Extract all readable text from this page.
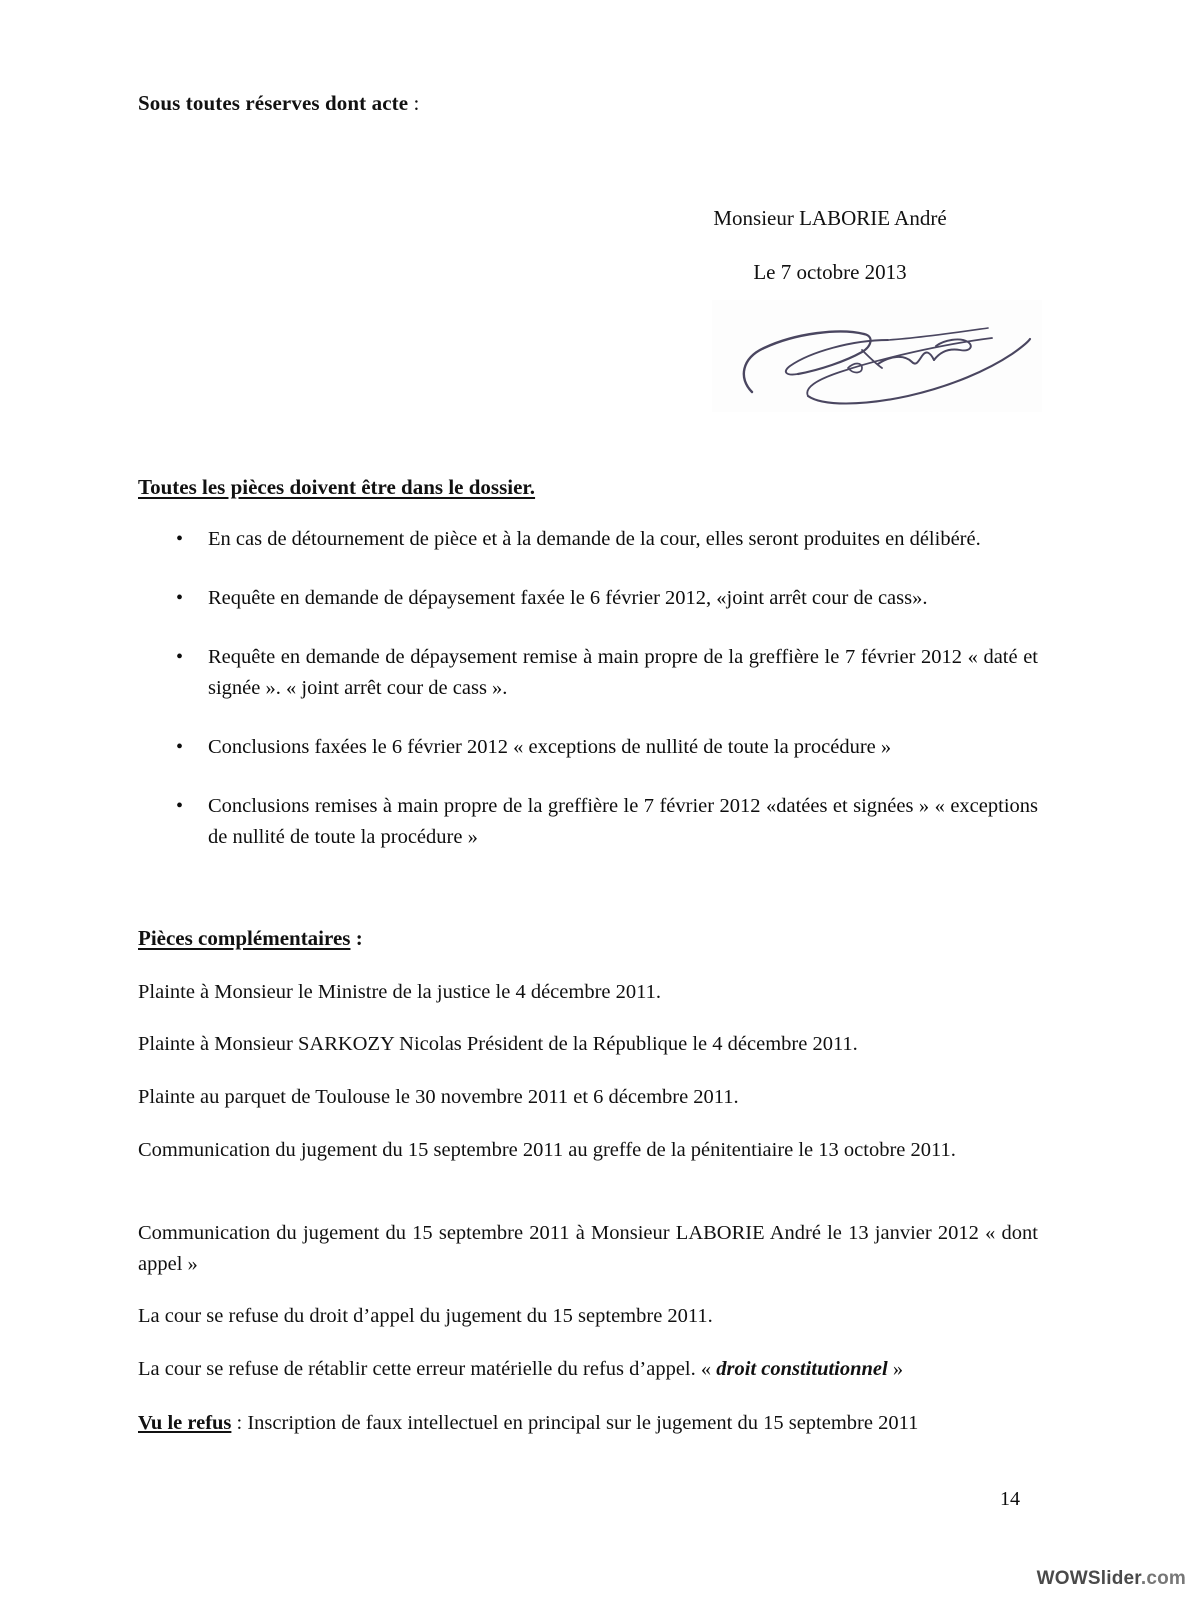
Sous toutes réserves dont acte :
Monsieur LABORIE André
Le 7 octobre 2013
Toutes les pièces doivent être dans le dossier.
• En cas de détournement de pièce et à la demande de la cour, elles seront produites en délibéré.
• Requête en demande de dépaysement faxée le 6 février 2012, «joint arrêt cour de cass».
• Requête en demande de dépaysement remise à main propre de la greffière le 7 février 2012 « daté et signée ». « joint arrêt cour de cass ».
• Conclusions faxées le 6 février 2012 « exceptions de nullité de toute la procédure »
• Conclusions remises à main propre de la greffière le 7 février 2012 «datées et signées » « exceptions de nullité de toute la procédure »
Pièces complémentaires :
Plainte à Monsieur le Ministre de la justice le 4 décembre 2011.
Plainte à Monsieur SARKOZY Nicolas Président de la République le 4 décembre 2011.
Plainte au parquet de Toulouse le 30 novembre 2011 et 6 décembre 2011.
Communication du jugement du 15 septembre 2011 au greffe de la pénitentiaire le 13 octobre 2011.
Communication du jugement du 15 septembre 2011 à Monsieur LABORIE André le 13 janvier 2012 « dont appel »
La cour se refuse du droit d’appel du jugement du 15 septembre 2011.
La cour se refuse de rétablir cette erreur matérielle du refus d’appel. « droit constitutionnel »
Vu le refus : Inscription de faux intellectuel en principal sur le jugement du 15 septembre 2011
14
WOWSlider.com
